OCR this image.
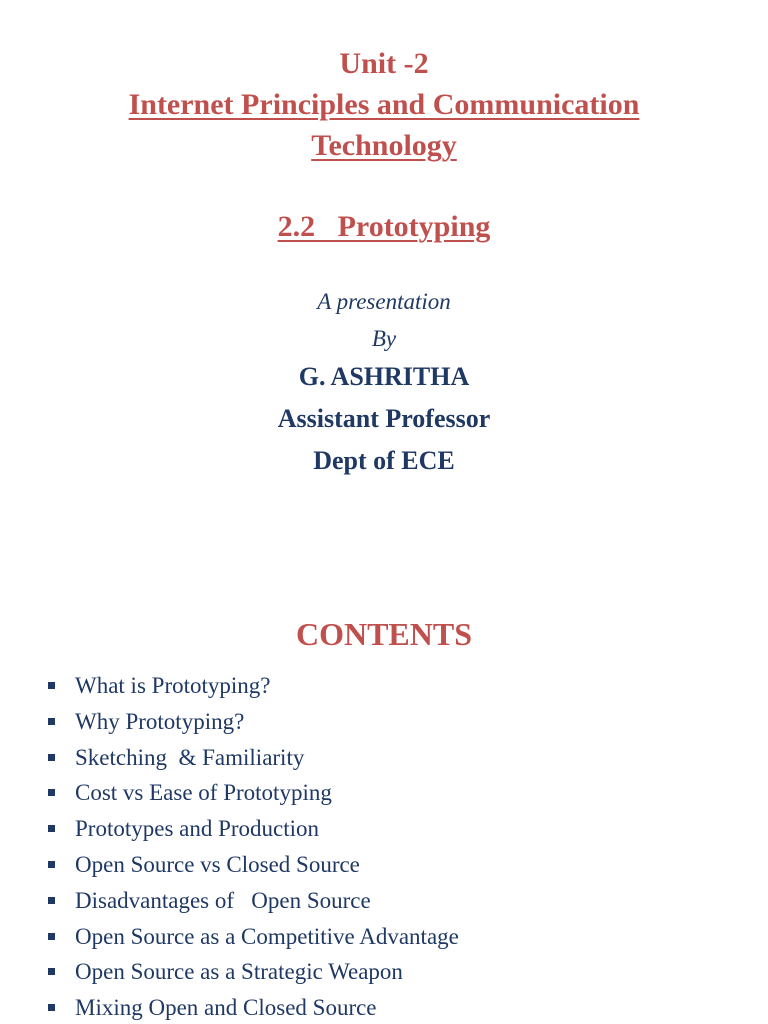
Unit -2
Internet Principles and Communication
Technology
2.2   Prototyping
A presentation
By
G. ASHRITHA
Assistant Professor
Dept of ECE
CONTENTS
What is Prototyping?
Why Prototyping?
Sketching  & Familiarity
Cost vs Ease of Prototyping
Prototypes and Production
Open Source vs Closed Source
Disadvantages of   Open Source
Open Source as a Competitive Advantage
Open Source as a Strategic Weapon
Mixing Open and Closed Source
